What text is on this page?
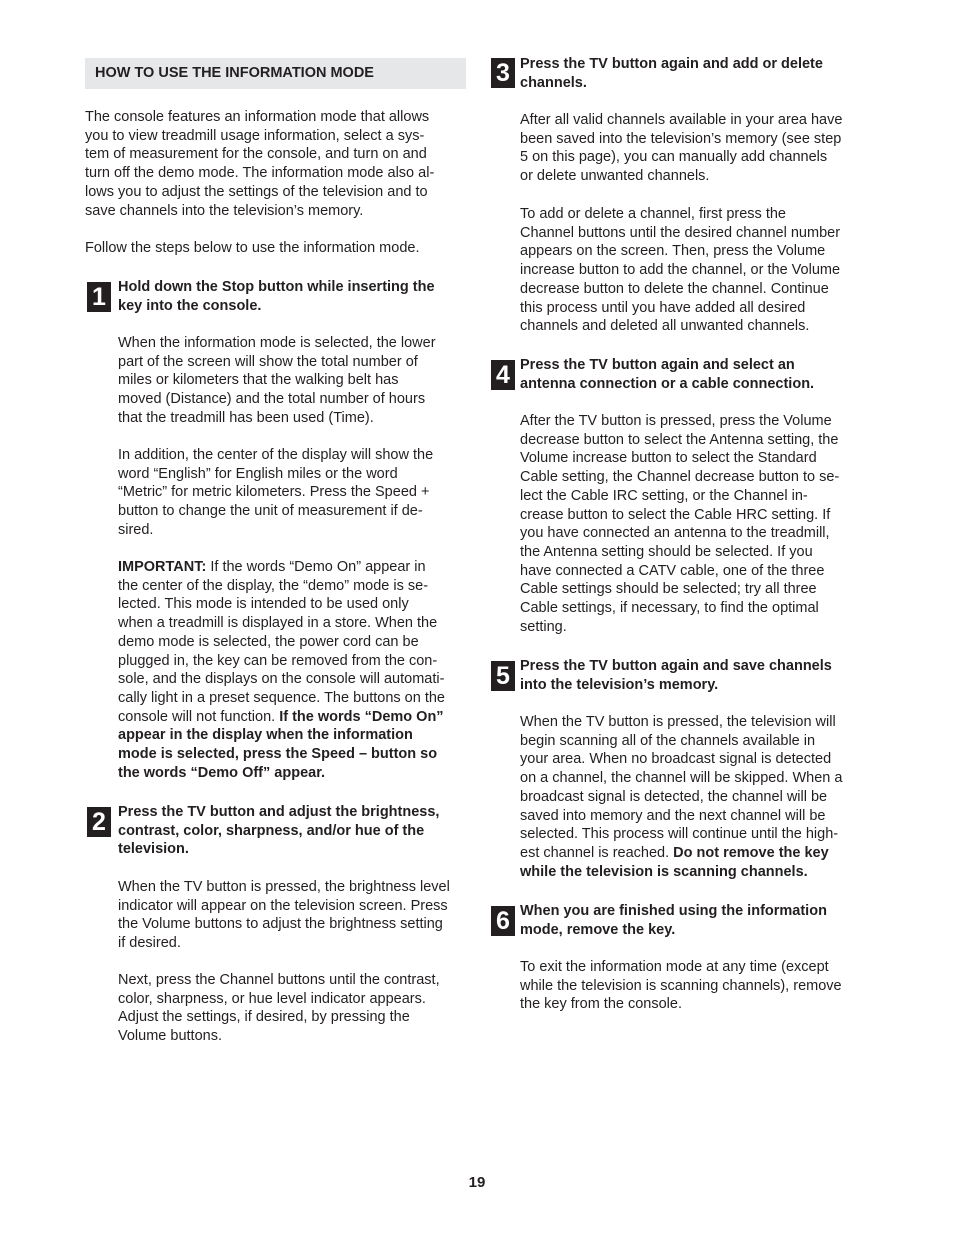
HOW TO USE THE INFORMATION MODE

The console features an information mode that allows
you to view treadmill usage information, select a sys-
tem of measurement for the console, and turn on and
turn off the demo mode. The information mode also al-
lows you to adjust the settings of the television and to
save channels into the television’s memory.

Follow the steps below to use the information mode.

1 Hold down the Stop button while inserting the
key into the console.

When the information mode is selected, the lower
part of the screen will show the total number of
miles or kilometers that the walking belt has
moved (Distance) and the total number of hours
that the treadmill has been used (Time).

In addition, the center of the display will show the
word “English” for English miles or the word
“Metric” for metric kilometers. Press the Speed +
button to change the unit of measurement if de-
sired.

IMPORTANT: If the words “Demo On” appear in
the center of the display, the “demo” mode is se-
lected. This mode is intended to be used only
when a treadmill is displayed in a store. When the
demo mode is selected, the power cord can be
plugged in, the key can be removed from the con-
sole, and the displays on the console will automati-
cally light in a preset sequence. The buttons on the
console will not function. If the words “Demo On”
appear in the display when the information
mode is selected, press the Speed – button so
the words “Demo Off” appear.

2 Press the TV button and adjust the brightness,
contrast, color, sharpness, and/or hue of the
television.

When the TV button is pressed, the brightness level
indicator will appear on the television screen. Press
the Volume buttons to adjust the brightness setting
if desired.

Next, press the Channel buttons until the contrast,
color, sharpness, or hue level indicator appears.
Adjust the settings, if desired, by pressing the
Volume buttons.

3 Press the TV button again and add or delete
channels.

After all valid channels available in your area have
been saved into the television’s memory (see step
5 on this page), you can manually add channels
or delete unwanted channels.

To add or delete a channel, first press the
Channel buttons until the desired channel number
appears on the screen. Then, press the Volume
increase button to add the channel, or the Volume
decrease button to delete the channel. Continue
this process until you have added all desired
channels and deleted all unwanted channels.

4 Press the TV button again and select an
antenna connection or a cable connection.

After the TV button is pressed, press the Volume
decrease button to select the Antenna setting, the
Volume increase button to select the Standard
Cable setting, the Channel decrease button to se-
lect the Cable IRC setting, or the Channel in-
crease button to select the Cable HRC setting. If
you have connected an antenna to the treadmill,
the Antenna setting should be selected. If you
have connected a CATV cable, one of the three
Cable settings should be selected; try all three
Cable settings, if necessary, to find the optimal
setting.

5 Press the TV button again and save channels
into the television’s memory.

When the TV button is pressed, the television will
begin scanning all of the channels available in
your area. When no broadcast signal is detected
on a channel, the channel will be skipped. When a
broadcast signal is detected, the channel will be
saved into memory and the next channel will be
selected. This process will continue until the high-
est channel is reached. Do not remove the key
while the television is scanning channels.

6 When you are finished using the information
mode, remove the key.

To exit the information mode at any time (except
while the television is scanning channels), remove
the key from the console.

19
